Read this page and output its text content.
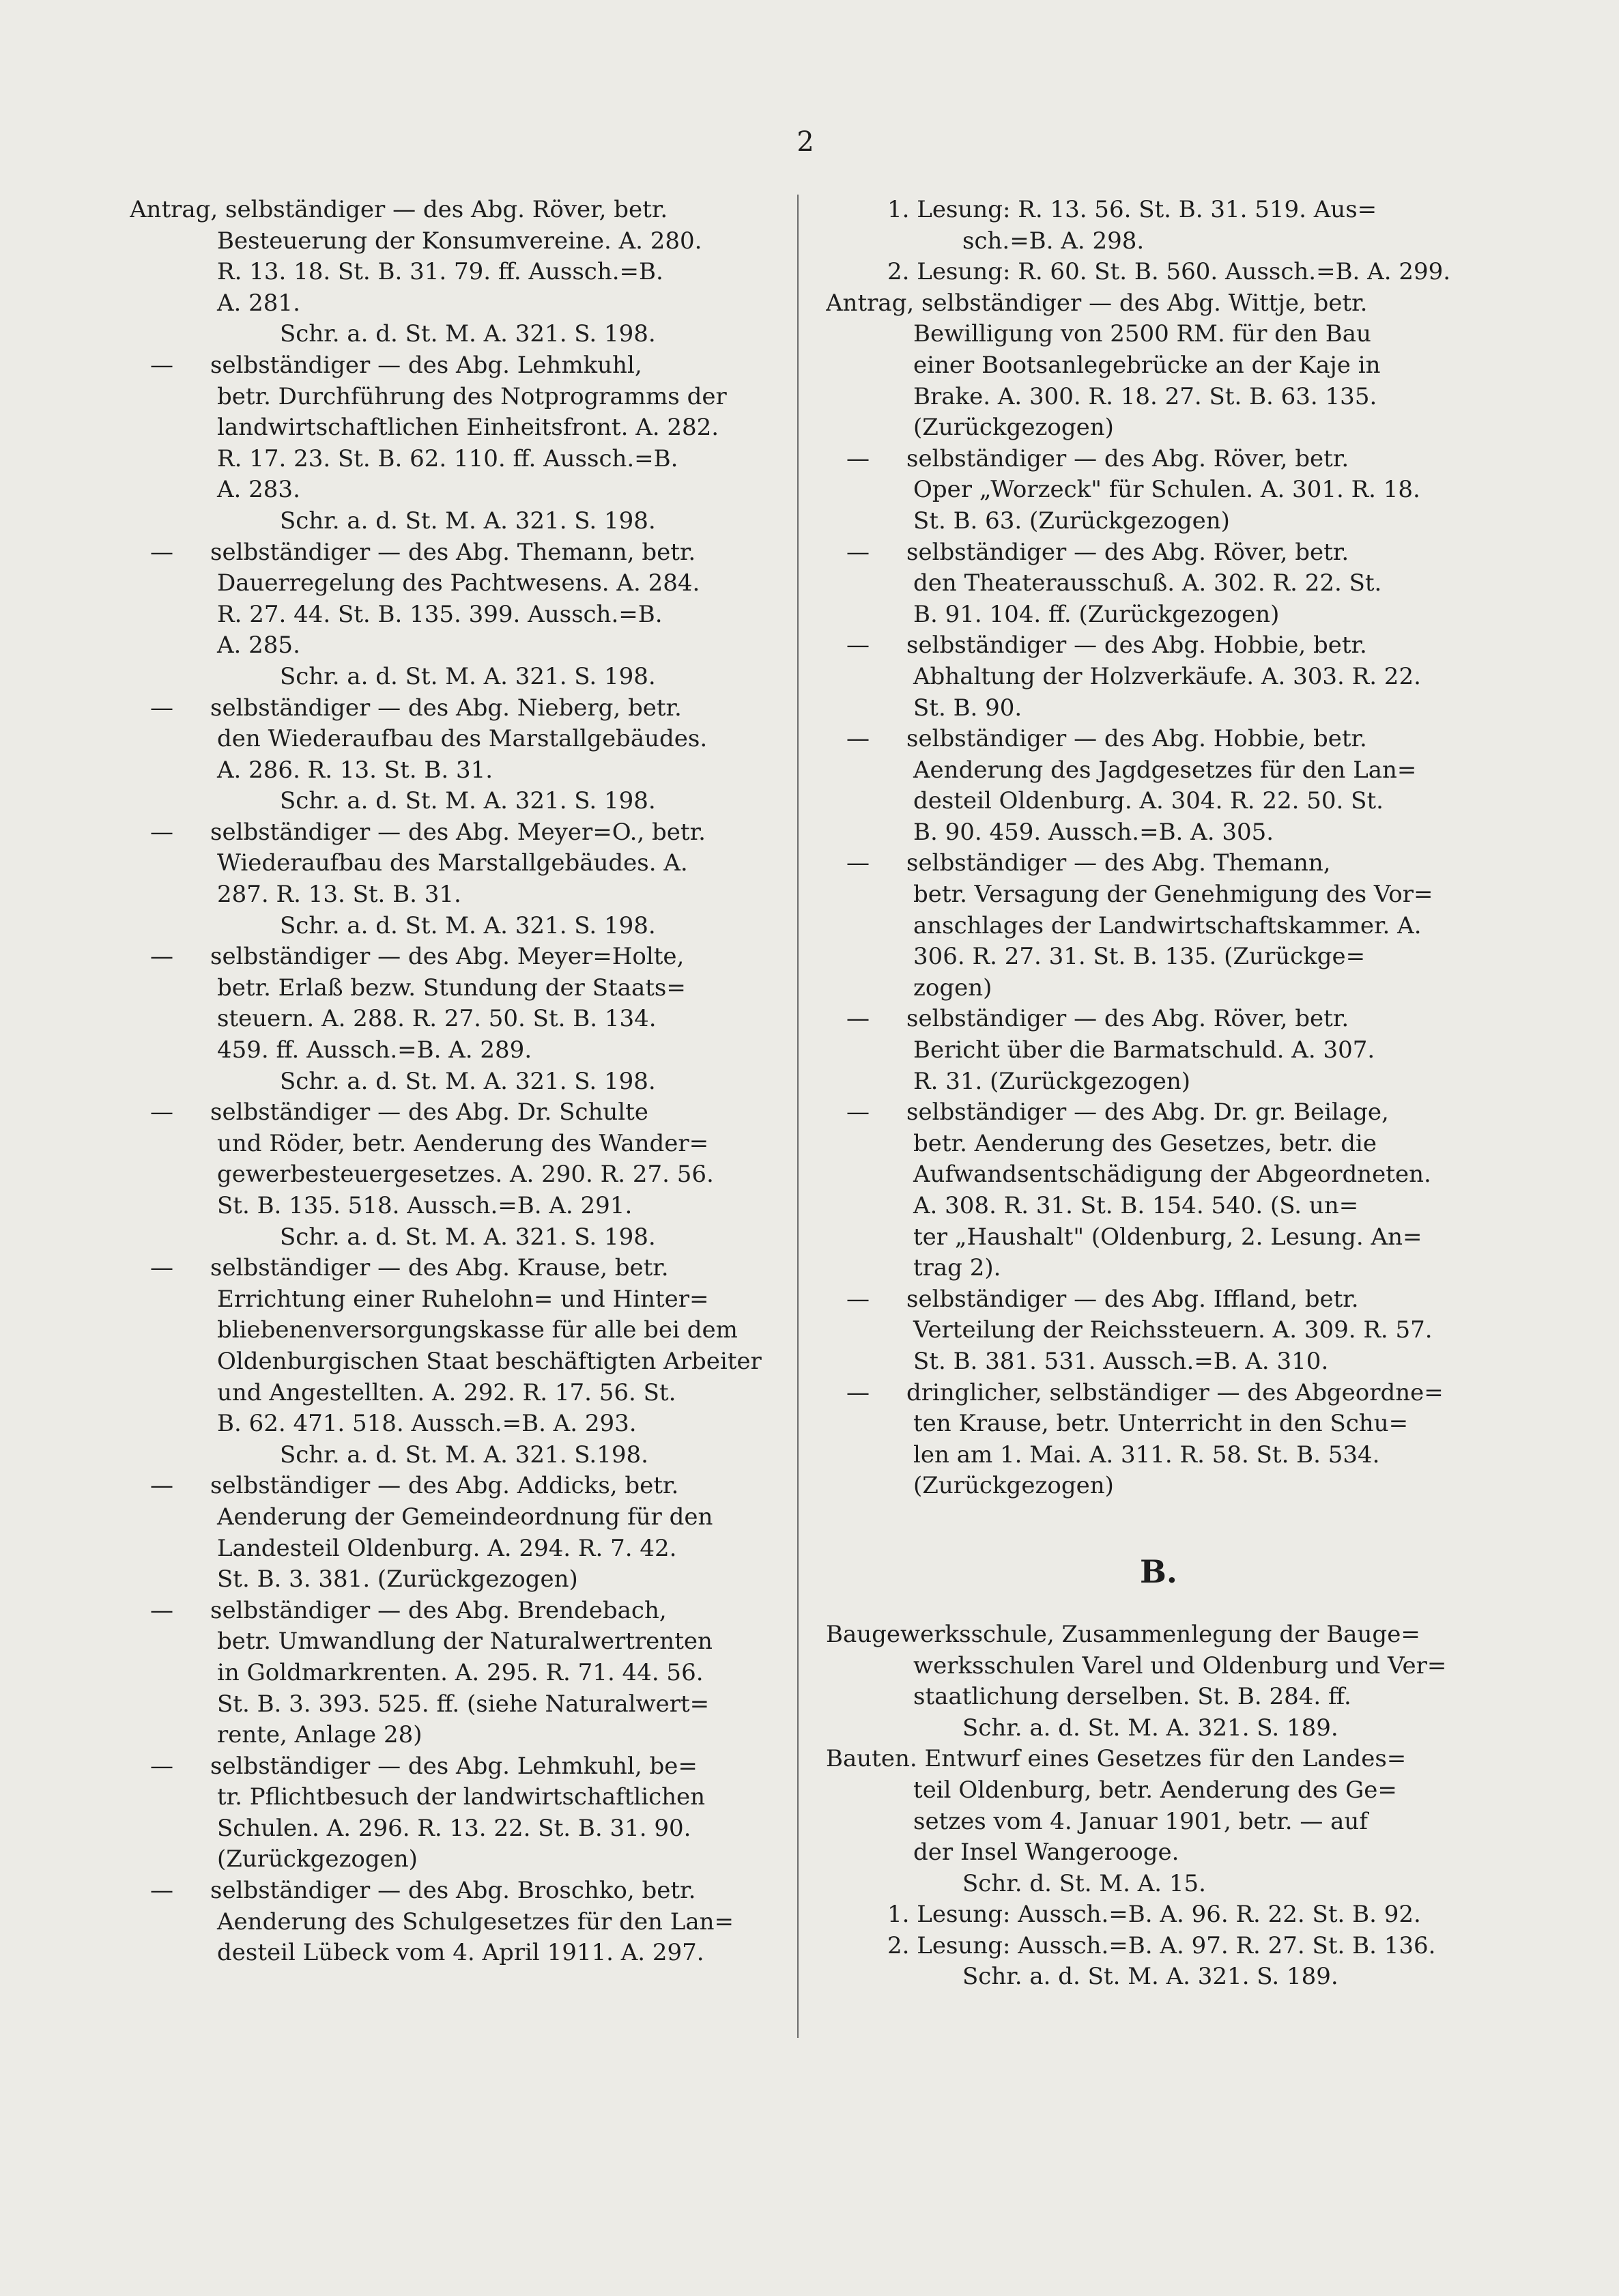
2
Antrag, selbständiger — des Abg. Röver, betr.
Besteuerung der Konsumvereine. A. 280.
R. 13. 18. St. B. 31. 79. ff. Aussch.=B.
A. 281.
Schr. a. d. St. M. A. 321. S. 198.
— selbständiger — des Abg. Lehmkuhl,
betr. Durchführung des Notprogramms der
landwirtschaftlichen Einheitsfront. A. 282.
R. 17. 23. St. B. 62. 110. ff. Aussch.=B.
A. 283.
Schr. a. d. St. M. A. 321. S. 198.
— selbständiger — des Abg. Themann, betr.
Dauerregelung des Pachtwesens. A. 284.
R. 27. 44. St. B. 135. 399. Aussch.=B.
A. 285.
Schr. a. d. St. M. A. 321. S. 198.
— selbständiger — des Abg. Nieberg, betr.
den Wiederaufbau des Marstallgebäudes.
A. 286. R. 13. St. B. 31.
Schr. a. d. St. M. A. 321. S. 198.
— selbständiger — des Abg. Meyer=O., betr.
Wiederaufbau des Marstallgebäudes. A.
287. R. 13. St. B. 31.
Schr. a. d. St. M. A. 321. S. 198.
— selbständiger — des Abg. Meyer=Holte,
betr. Erlaß bezw. Stundung der Staats=
steuern. A. 288. R. 27. 50. St. B. 134.
459. ff. Aussch.=B. A. 289.
Schr. a. d. St. M. A. 321. S. 198.
— selbständiger — des Abg. Dr. Schulte
und Röder, betr. Aenderung des Wander=
gewerbesteuergesetzes. A. 290. R. 27. 56.
St. B. 135. 518. Aussch.=B. A. 291.
Schr. a. d. St. M. A. 321. S. 198.
— selbständiger — des Abg. Krause, betr.
Errichtung einer Ruhelohn= und Hinter=
bliebenenversorgungskasse für alle bei dem
Oldenburgischen Staat beschäftigten Arbeiter
und Angestellten. A. 292. R. 17. 56. St.
B. 62. 471. 518. Aussch.=B. A. 293.
Schr. a. d. St. M. A. 321. S.198.
— selbständiger — des Abg. Addicks, betr.
Aenderung der Gemeindeordnung für den
Landesteil Oldenburg. A. 294. R. 7. 42.
St. B. 3. 381. (Zurückgezogen)
— selbständiger — des Abg. Brendebach,
betr. Umwandlung der Naturalwertrenten
in Goldmarkrenten. A. 295. R. 71. 44. 56.
St. B. 3. 393. 525. ff. (siehe Naturalwert=
rente, Anlage 28)
— selbständiger — des Abg. Lehmkuhl, be=
tr. Pflichtbesuch der landwirtschaftlichen
Schulen. A. 296. R. 13. 22. St. B. 31. 90.
(Zurückgezogen)
— selbständiger — des Abg. Broschko, betr.
Aenderung des Schulgesetzes für den Lan=
desteil Lübeck vom 4. April 1911. A. 297.
1. Lesung: R. 13. 56. St. B. 31. 519. Aus=
sch.=B. A. 298.
2. Lesung: R. 60. St. B. 560. Aussch.=B. A. 299.
Antrag, selbständiger — des Abg. Wittje, betr.
Bewilligung von 2500 RM. für den Bau
einer Bootsanlegebrücke an der Kaje in
Brake. A. 300. R. 18. 27. St. B. 63. 135.
(Zurückgezogen)
— selbständiger — des Abg. Röver, betr.
Oper „Worzeck" für Schulen. A. 301. R. 18.
St. B. 63. (Zurückgezogen)
— selbständiger — des Abg. Röver, betr.
den Theaterausschuß. A. 302. R. 22. St.
B. 91. 104. ff. (Zurückgezogen)
— selbständiger — des Abg. Hobbie, betr.
Abhaltung der Holzverkäufe. A. 303. R. 22.
St. B. 90.
— selbständiger — des Abg. Hobbie, betr.
Aenderung des Jagdgesetzes für den Lan=
desteil Oldenburg. A. 304. R. 22. 50. St.
B. 90. 459. Aussch.=B. A. 305.
— selbständiger — des Abg. Themann,
betr. Versagung der Genehmigung des Vor=
anschlages der Landwirtschaftskammer. A.
306. R. 27. 31. St. B. 135. (Zurückge=
zogen)
— selbständiger — des Abg. Röver, betr.
Bericht über die Barmatschuld. A. 307.
R. 31. (Zurückgezogen)
— selbständiger — des Abg. Dr. gr. Beilage,
betr. Aenderung des Gesetzes, betr. die
Aufwandsentschädigung der Abgeordneten.
A. 308. R. 31. St. B. 154. 540. (S. un=
ter „Haushalt" (Oldenburg, 2. Lesung. An=
trag 2).
— selbständiger — des Abg. Iffland, betr.
Verteilung der Reichssteuern. A. 309. R. 57.
St. B. 381. 531. Aussch.=B. A. 310.
— dringlicher, selbständiger — des Abgeordne=
ten Krause, betr. Unterricht in den Schu=
len am 1. Mai. A. 311. R. 58. St. B. 534.
(Zurückgezogen)
B.
Baugewerksschule, Zusammenlegung der Bauge=
werksschulen Varel und Oldenburg und Ver=
staatlichung derselben. St. B. 284. ff.
Schr. a. d. St. M. A. 321. S. 189.
Bauten. Entwurf eines Gesetzes für den Landes=
teil Oldenburg, betr. Aenderung des Ge=
setzes vom 4. Januar 1901, betr. — auf
der Insel Wangerooge.
Schr. d. St. M. A. 15.
1. Lesung: Aussch.=B. A. 96. R. 22. St. B. 92.
2. Lesung: Aussch.=B. A. 97. R. 27. St. B. 136.
Schr. a. d. St. M. A. 321. S. 189.
